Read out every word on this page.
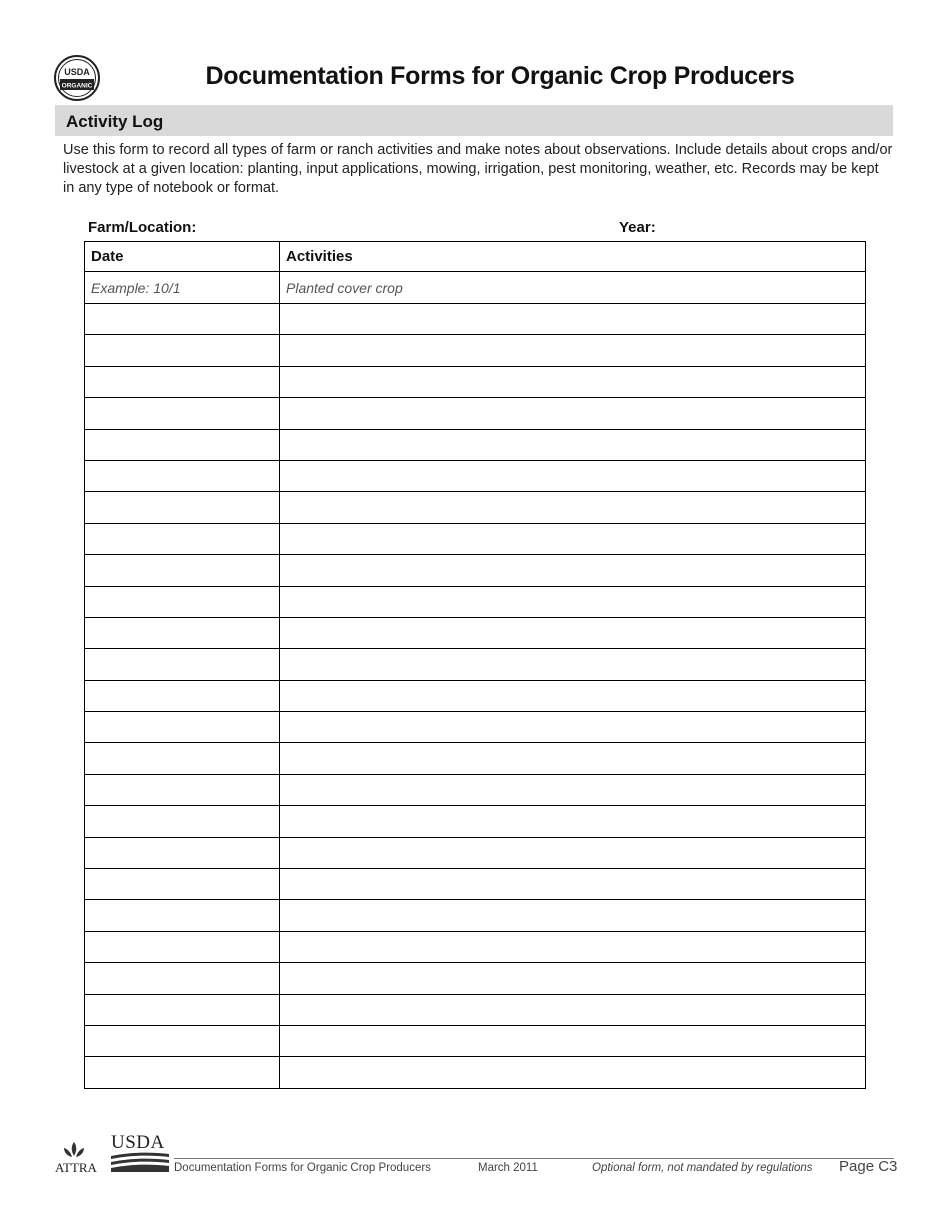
USDA
ORGANIC	Documentation Forms for Organic Crop Producers
Activity Log
Use this form to record all types of farm or ranch activities and make notes about observations. Include details about crops and/or livestock at a given location: planting, input applications, mowing, irrigation, pest monitoring, weather, etc. Records may be kept in any type of notebook or format.
Farm/Location:	Year:
Date	Activities
Example: 10/1	Planted cover crop

ATTRA
USDA
Documentation Forms for Organic Crop Producers	March 2011	Optional form, not mandated by regulations Page C3
